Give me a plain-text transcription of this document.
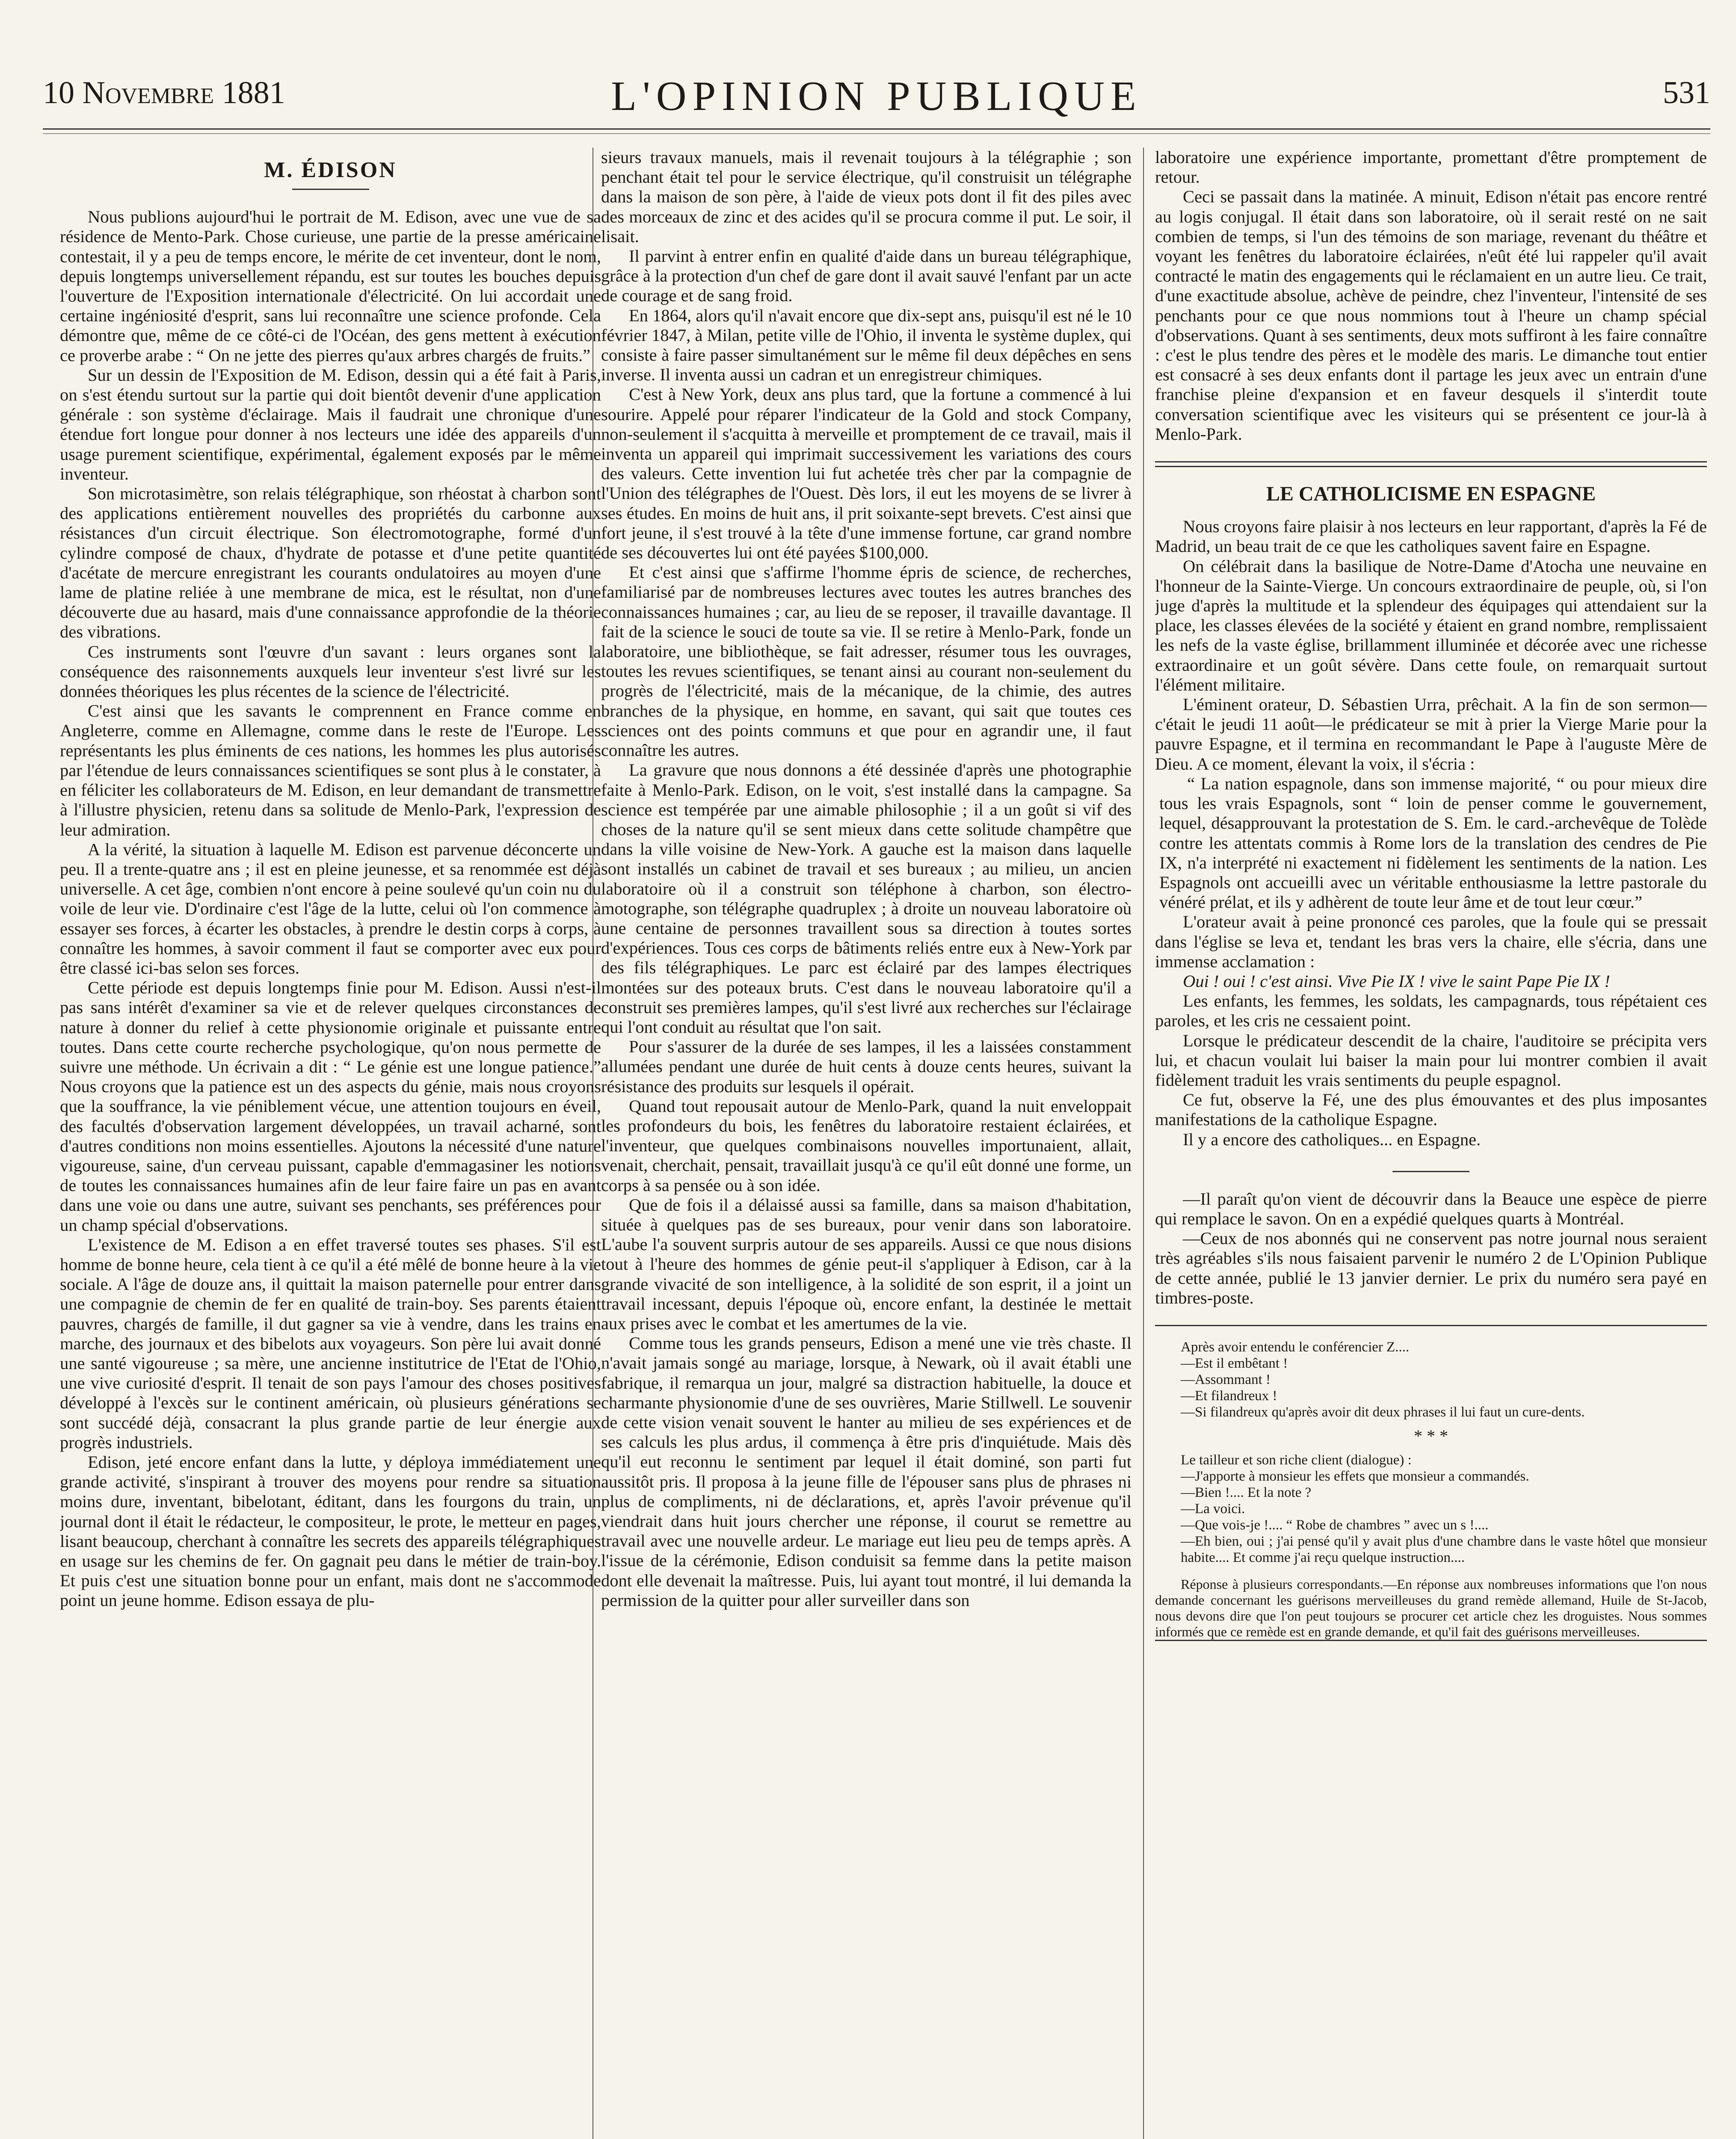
10 Novembre 1881	L'OPINION PUBLIQUE	531
M. ÉDISON

Nous publions aujourd'hui le portrait de M. Edison, avec une vue de sa résidence de Mento-Park. Chose curieuse, une partie de la presse américaine contestait, il y a peu de temps encore, le mérite de cet inventeur, dont le nom, depuis longtemps universellement répandu, est sur toutes les bouches depuis l'ouverture de l'Exposition internationale d'électricité. On lui accordait une certaine ingéniosité d'esprit, sans lui reconnaître une science profonde. Cela démontre que, même de ce côté-ci de l'Océan, des gens mettent à exécution ce proverbe arabe : “ On ne jette des pierres qu'aux arbres chargés de fruits.”

Sur un dessin de l'Exposition de M. Edison, dessin qui a été fait à Paris, on s'est étendu surtout sur la partie qui doit bientôt devenir d'une application générale : son système d'éclairage. Mais il faudrait une chronique d'une étendue fort longue pour donner à nos lecteurs une idée des appareils d'un usage purement scientifique, expérimental, également exposés par le même inventeur.

Son microtasimètre, son relais télégraphique, son rhéostat à charbon sont des applications entièrement nouvelles des propriétés du carbonne aux résistances d'un circuit électrique. Son électromotographe, formé d'un cylindre composé de chaux, d'hydrate de potasse et d'une petite quantité d'acétate de mercure enregistrant les courants ondulatoires au moyen d'une lame de platine reliée à une membrane de mica, est le résultat, non d'une découverte due au hasard, mais d'une connaissance approfondie de la théorie des vibrations.

Ces instruments sont l'œuvre d'un savant : leurs organes sont la conséquence des raisonnements auxquels leur inventeur s'est livré sur les données théoriques les plus récentes de la science de l'électricité.

C'est ainsi que les savants le comprennent en France comme en Angleterre, comme en Allemagne, comme dans le reste de l'Europe. Les représentants les plus éminents de ces nations, les hommes les plus autorisés par l'étendue de leurs connaissances scientifiques se sont plus à le constater, à en féliciter les collaborateurs de M. Edison, en leur demandant de transmettre à l'illustre physicien, retenu dans sa solitude de Menlo-Park, l'expression de leur admiration.

A la vérité, la situation à laquelle M. Edison est parvenue déconcerte un peu. Il a trente-quatre ans ; il est en pleine jeunesse, et sa renommée est déjà universelle. A cet âge, combien n'ont encore à peine soulevé qu'un coin nu du voile de leur vie. D'ordinaire c'est l'âge de la lutte, celui où l'on commence à essayer ses forces, à écarter les obstacles, à prendre le destin corps à corps, à connaître les hommes, à savoir comment il faut se comporter avec eux pour être classé ici-bas selon ses forces.

Cette période est depuis longtemps finie pour M. Edison. Aussi n'est-il pas sans intérêt d'examiner sa vie et de relever quelques circonstances de nature à donner du relief à cette physionomie originale et puissante entre toutes. Dans cette courte recherche psychologique, qu'on nous permette de suivre une méthode. Un écrivain a dit : “ Le génie est une longue patience.” Nous croyons que la patience est un des aspects du génie, mais nous croyons que la souffrance, la vie péniblement vécue, une attention toujours en éveil, des facultés d'observation largement développées, un travail acharné, sont d'autres conditions non moins essentielles. Ajoutons la nécessité d'une nature vigoureuse, saine, d'un cerveau puissant, capable d'emmagasiner les notions de toutes les connaissances humaines afin de leur faire faire un pas en avant dans une voie ou dans une autre, suivant ses penchants, ses préférences pour un champ spécial d'observations.

L'existence de M. Edison a en effet traversé toutes ses phases. S'il est homme de bonne heure, cela tient à ce qu'il a été mêlé de bonne heure à la vie sociale. A l'âge de douze ans, il quittait la maison paternelle pour entrer dans une compagnie de chemin de fer en qualité de train-boy. Ses parents étaient pauvres, chargés de famille, il dut gagner sa vie à vendre, dans les trains en marche, des journaux et des bibelots aux voyageurs. Son père lui avait donné une santé vigoureuse ; sa mère, une ancienne institutrice de l'Etat de l'Ohio, une vive curiosité d'esprit. Il tenait de son pays l'amour des choses positives développé à l'excès sur le continent américain, où plusieurs générations se sont succédé déjà, consacrant la plus grande partie de leur énergie aux progrès industriels.

Edison, jeté encore enfant dans la lutte, y déploya immédiatement une grande activité, s'inspirant à trouver des moyens pour rendre sa situation moins dure, inventant, bibelotant, éditant, dans les fourgons du train, un journal dont il était le rédacteur, le compositeur, le prote, le metteur en pages, lisant beaucoup, cherchant à connaître les secrets des appareils télégraphiques en usage sur les chemins de fer. On gagnait peu dans le métier de train-boy. Et puis c'est une situation bonne pour un enfant, mais dont ne s'accommode point un jeune homme. Edison essaya de plu-

sieurs travaux manuels, mais il revenait toujours à la télégraphie ; son penchant était tel pour le service électrique, qu'il construisit un télégraphe dans la maison de son père, à l'aide de vieux pots dont il fit des piles avec des morceaux de zinc et des acides qu'il se procura comme il put. Le soir, il lisait.

Il parvint à entrer enfin en qualité d'aide dans un bureau télégraphique, grâce à la protection d'un chef de gare dont il avait sauvé l'enfant par un acte de courage et de sang froid.

En 1864, alors qu'il n'avait encore que dix-sept ans, puisqu'il est né le 10 février 1847, à Milan, petite ville de l'Ohio, il inventa le système duplex, qui consiste à faire passer simultanément sur le même fil deux dépêches en sens inverse. Il inventa aussi un cadran et un enregistreur chimiques.

C'est à New York, deux ans plus tard, que la fortune a commencé à lui sourire. Appelé pour réparer l'indicateur de la Gold and stock Company, non-seulement il s'acquitta à merveille et promptement de ce travail, mais il inventa un appareil qui imprimait successivement les variations des cours des valeurs. Cette invention lui fut achetée très cher par la compagnie de l'Union des télégraphes de l'Ouest. Dès lors, il eut les moyens de se livrer à ses études. En moins de huit ans, il prit soixante-sept brevets. C'est ainsi que fort jeune, il s'est trouvé à la tête d'une immense fortune, car grand nombre de ses découvertes lui ont été payées $100,000.

Et c'est ainsi que s'affirme l'homme épris de science, de recherches, familiarisé par de nombreuses lectures avec toutes les autres branches des connaissances humaines ; car, au lieu de se reposer, il travaille davantage. Il fait de la science le souci de toute sa vie. Il se retire à Menlo-Park, fonde un laboratoire, une bibliothèque, se fait adresser, résumer tous les ouvrages, toutes les revues scientifiques, se tenant ainsi au courant non-seulement du progrès de l'électricité, mais de la mécanique, de la chimie, des autres branches de la physique, en homme, en savant, qui sait que toutes ces sciences ont des points communs et que pour en agrandir une, il faut connaître les autres.

La gravure que nous donnons a été dessinée d'après une photographie faite à Menlo-Park. Edison, on le voit, s'est installé dans la campagne. Sa science est tempérée par une aimable philosophie ; il a un goût si vif des choses de la nature qu'il se sent mieux dans cette solitude champêtre que dans la ville voisine de New-York. A gauche est la maison dans laquelle sont installés un cabinet de travail et ses bureaux ; au milieu, un ancien laboratoire où il a construit son téléphone à charbon, son électro-motographe, son télégraphe quadruplex ; à droite un nouveau laboratoire où une centaine de personnes travaillent sous sa direction à toutes sortes d'expériences. Tous ces corps de bâtiments reliés entre eux à New-York par des fils télégraphiques. Le parc est éclairé par des lampes électriques montées sur des poteaux bruts. C'est dans le nouveau laboratoire qu'il a construit ses premières lampes, qu'il s'est livré aux recherches sur l'éclairage qui l'ont conduit au résultat que l'on sait.

Pour s'assurer de la durée de ses lampes, il les a laissées constamment allumées pendant une durée de huit cents à douze cents heures, suivant la résistance des produits sur lesquels il opérait.

Quand tout repousait autour de Menlo-Park, quand la nuit enveloppait les profondeurs du bois, les fenêtres du laboratoire restaient éclairées, et l'inventeur, que quelques combinaisons nouvelles importunaient, allait, venait, cherchait, pensait, travaillait jusqu'à ce qu'il eût donné une forme, un corps à sa pensée ou à son idée.

Que de fois il a délaissé aussi sa famille, dans sa maison d'habitation, située à quelques pas de ses bureaux, pour venir dans son laboratoire. L'aube l'a souvent surpris autour de ses appareils. Aussi ce que nous disions tout à l'heure des hommes de génie peut-il s'appliquer à Edison, car à la grande vivacité de son intelligence, à la solidité de son esprit, il a joint un travail incessant, depuis l'époque où, encore enfant, la destinée le mettait aux prises avec le combat et les amertumes de la vie.

Comme tous les grands penseurs, Edison a mené une vie très chaste. Il n'avait jamais songé au mariage, lorsque, à Newark, où il avait établi une fabrique, il remarqua un jour, malgré sa distraction habituelle, la douce et charmante physionomie d'une de ses ouvrières, Marie Stillwell. Le souvenir de cette vision venait souvent le hanter au milieu de ses expériences et de ses calculs les plus ardus, il commença à être pris d'inquiétude. Mais dès qu'il eut reconnu le sentiment par lequel il était dominé, son parti fut aussitôt pris. Il proposa à la jeune fille de l'épouser sans plus de phrases ni plus de compliments, ni de déclarations, et, après l'avoir prévenue qu'il viendrait dans huit jours chercher une réponse, il courut se remettre au travail avec une nouvelle ardeur. Le mariage eut lieu peu de temps après. A l'issue de la cérémonie, Edison conduisit sa femme dans la petite maison dont elle devenait la maîtresse. Puis, lui ayant tout montré, il lui demanda la permission de la quitter pour aller surveiller dans son

laboratoire une expérience importante, promettant d'être promptement de retour.

Ceci se passait dans la matinée. A minuit, Edison n'était pas encore rentré au logis conjugal. Il était dans son laboratoire, où il serait resté on ne sait combien de temps, si l'un des témoins de son mariage, revenant du théâtre et voyant les fenêtres du laboratoire éclairées, n'eût été lui rappeler qu'il avait contracté le matin des engagements qui le réclamaient en un autre lieu. Ce trait, d'une exactitude absolue, achève de peindre, chez l'inventeur, l'intensité de ses penchants pour ce que nous nommions tout à l'heure un champ spécial d'observations. Quant à ses sentiments, deux mots suffiront à les faire connaître : c'est le plus tendre des pères et le modèle des maris. Le dimanche tout entier est consacré à ses deux enfants dont il partage les jeux avec un entrain d'une franchise pleine d'expansion et en faveur desquels il s'interdit toute conversation scientifique avec les visiteurs qui se présentent ce jour-là à Menlo-Park.

LE CATHOLICISME EN ESPAGNE

Nous croyons faire plaisir à nos lecteurs en leur rapportant, d'après la Fé de Madrid, un beau trait de ce que les catholiques savent faire en Espagne.

On célébrait dans la basilique de Notre-Dame d'Atocha une neuvaine en l'honneur de la Sainte-Vierge. Un concours extraordinaire de peuple, où, si l'on juge d'après la multitude et la splendeur des équipages qui attendaient sur la place, les classes élevées de la société y étaient en grand nombre, remplissaient les nefs de la vaste église, brillamment illuminée et décorée avec une richesse extraordinaire et un goût sévère. Dans cette foule, on remarquait surtout l'élément militaire.

L'éminent orateur, D. Sébastien Urra, prêchait. A la fin de son sermon—c'était le jeudi 11 août—le prédicateur se mit à prier la Vierge Marie pour la pauvre Espagne, et il termina en recommandant le Pape à l'auguste Mère de Dieu. A ce moment, élevant la voix, il s'écria :

“ La nation espagnole, dans son immense majorité, “ ou pour mieux dire tous les vrais Espagnols, sont “ loin de penser comme le gouvernement, lequel, désapprouvant la protestation de S. Em. le card.-archevêque de Tolède contre les attentats commis à Rome lors de la translation des cendres de Pie IX, n'a interprété ni exactement ni fidèlement les sentiments de la nation. Les Espagnols ont accueilli avec un véritable enthousiasme la lettre pastorale du vénéré prélat, et ils y adhèrent de toute leur âme et de tout leur cœur.”

L'orateur avait à peine prononcé ces paroles, que la foule qui se pressait dans l'église se leva et, tendant les bras vers la chaire, elle s'écria, dans une immense acclamation :

Oui ! oui ! c'est ainsi. Vive Pie IX ! vive le saint Pape Pie IX !

Les enfants, les femmes, les soldats, les campagnards, tous répétaient ces paroles, et les cris ne cessaient point.

Lorsque le prédicateur descendit de la chaire, l'auditoire se précipita vers lui, et chacun voulait lui baiser la main pour lui montrer combien il avait fidèlement traduit les vrais sentiments du peuple espagnol.

Ce fut, observe la Fé, une des plus émouvantes et des plus imposantes manifestations de la catholique Espagne.

Il y a encore des catholiques... en Espagne.

—Il paraît qu'on vient de découvrir dans la Beauce une espèce de pierre qui remplace le savon. On en a expédié quelques quarts à Montréal.

—Ceux de nos abonnés qui ne conservent pas notre journal nous seraient très agréables s'ils nous faisaient parvenir le numéro 2 de L'Opinion Publique de cette année, publié le 13 janvier dernier. Le prix du numéro sera payé en timbres-poste.

Après avoir entendu le conférencier Z....

—Est il embêtant !

—Assommant !

—Et filandreux !

—Si filandreux qu'après avoir dit deux phrases il lui faut un cure-dents.

* * *

Le tailleur et son riche client (dialogue) :

—J'apporte à monsieur les effets que monsieur a commandés.

—Bien !.... Et la note ?

—La voici.

—Que vois-je !.... “ Robe de chambres ” avec un s !....

—Eh bien, oui ; j'ai pensé qu'il y avait plus d'une chambre dans le vaste hôtel que monsieur habite.... Et comme j'ai reçu quelque instruction....

Réponse à plusieurs correspondants.—En réponse aux nombreuses informations que l'on nous demande concernant les guérisons merveilleuses du grand remède allemand, Huile de St-Jacob, nous devons dire que l'on peut toujours se procurer cet article chez les droguistes. Nous sommes informés que ce remède est en grande demande, et qu'il fait des guérisons merveilleuses.
